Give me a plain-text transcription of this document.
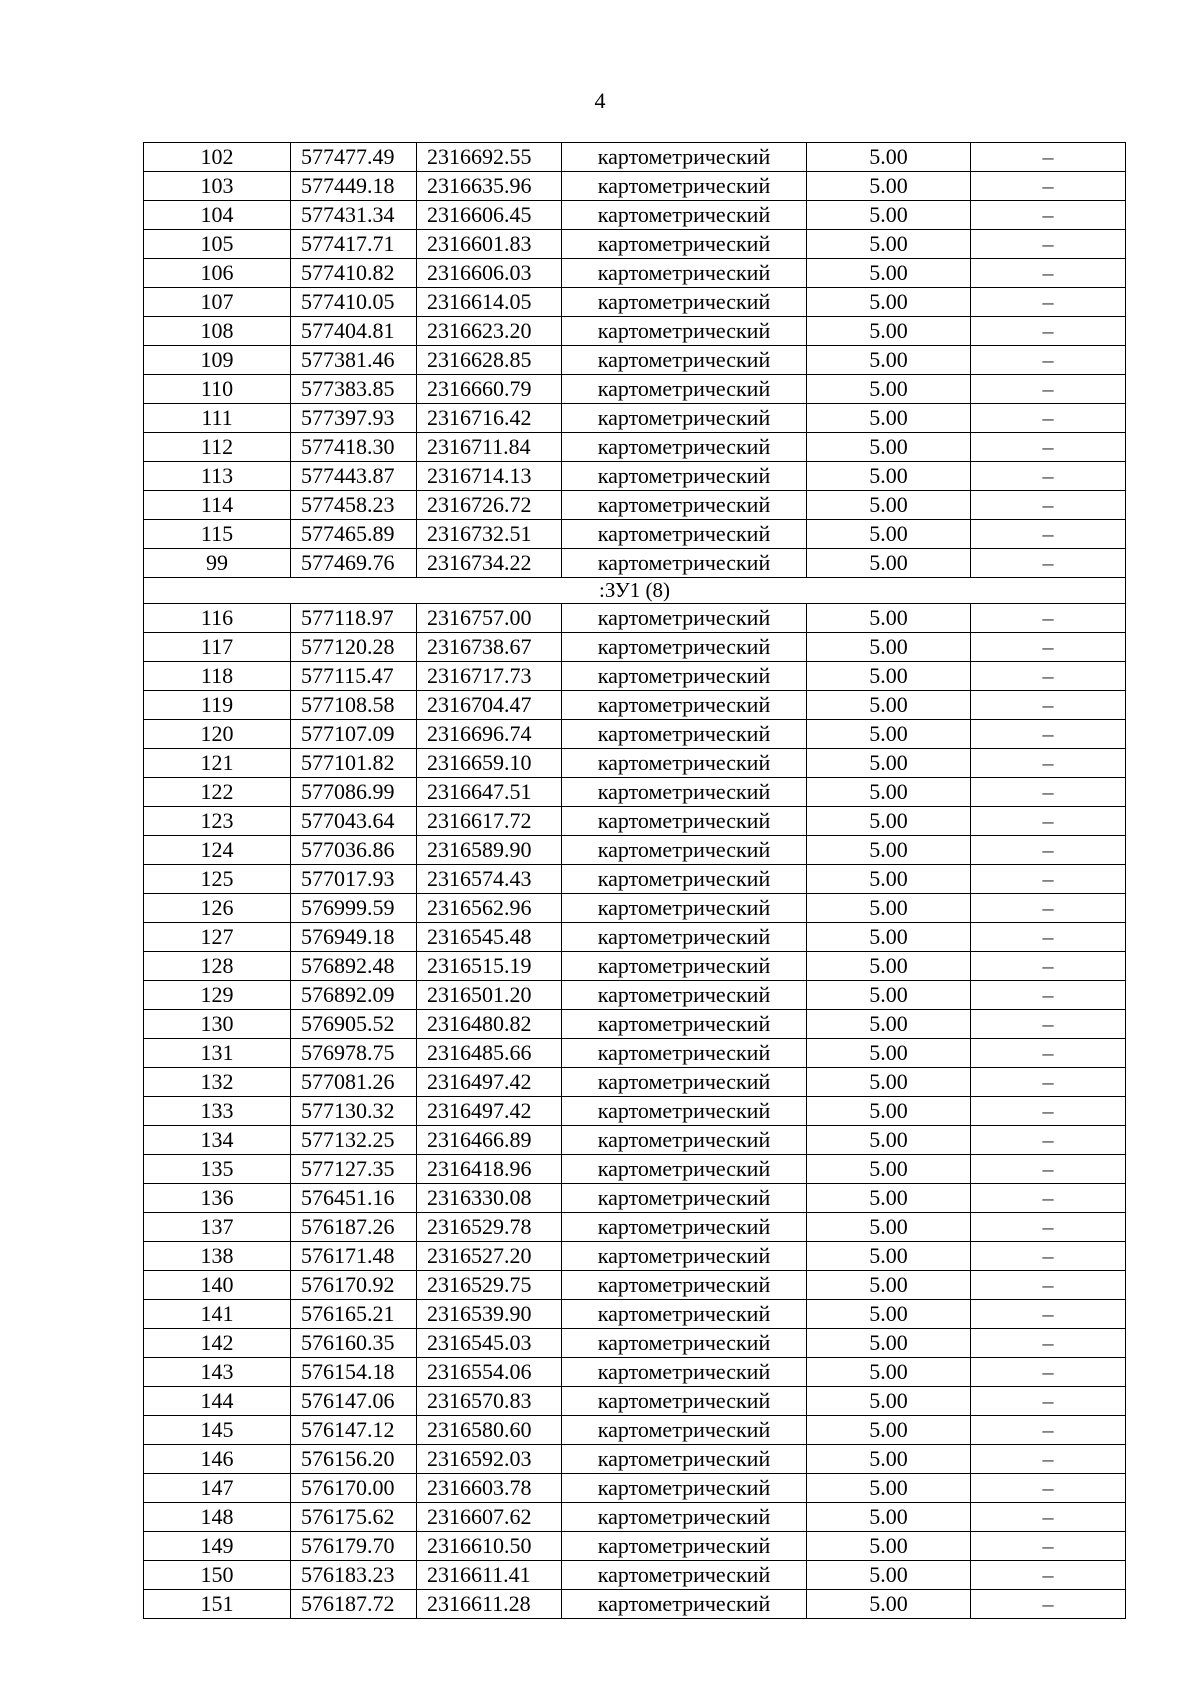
4
102	577477.49	2316692.55	картометрический	5.00	–
103	577449.18	2316635.96	картометрический	5.00	–
104	577431.34	2316606.45	картометрический	5.00	–
105	577417.71	2316601.83	картометрический	5.00	–
106	577410.82	2316606.03	картометрический	5.00	–
107	577410.05	2316614.05	картометрический	5.00	–
108	577404.81	2316623.20	картометрический	5.00	–
109	577381.46	2316628.85	картометрический	5.00	–
110	577383.85	2316660.79	картометрический	5.00	–
111	577397.93	2316716.42	картометрический	5.00	–
112	577418.30	2316711.84	картометрический	5.00	–
113	577443.87	2316714.13	картометрический	5.00	–
114	577458.23	2316726.72	картометрический	5.00	–
115	577465.89	2316732.51	картометрический	5.00	–
99	577469.76	2316734.22	картометрический	5.00	–
:ЗУ1 (8)					
116	577118.97	2316757.00	картометрический	5.00	–
117	577120.28	2316738.67	картометрический	5.00	–
118	577115.47	2316717.73	картометрический	5.00	–
119	577108.58	2316704.47	картометрический	5.00	–
120	577107.09	2316696.74	картометрический	5.00	–
121	577101.82	2316659.10	картометрический	5.00	–
122	577086.99	2316647.51	картометрический	5.00	–
123	577043.64	2316617.72	картометрический	5.00	–
124	577036.86	2316589.90	картометрический	5.00	–
125	577017.93	2316574.43	картометрический	5.00	–
126	576999.59	2316562.96	картометрический	5.00	–
127	576949.18	2316545.48	картометрический	5.00	–
128	576892.48	2316515.19	картометрический	5.00	–
129	576892.09	2316501.20	картометрический	5.00	–
130	576905.52	2316480.82	картометрический	5.00	–
131	576978.75	2316485.66	картометрический	5.00	–
132	577081.26	2316497.42	картометрический	5.00	–
133	577130.32	2316497.42	картометрический	5.00	–
134	577132.25	2316466.89	картометрический	5.00	–
135	577127.35	2316418.96	картометрический	5.00	–
136	576451.16	2316330.08	картометрический	5.00	–
137	576187.26	2316529.78	картометрический	5.00	–
138	576171.48	2316527.20	картометрический	5.00	–
140	576170.92	2316529.75	картометрический	5.00	–
141	576165.21	2316539.90	картометрический	5.00	–
142	576160.35	2316545.03	картометрический	5.00	–
143	576154.18	2316554.06	картометрический	5.00	–
144	576147.06	2316570.83	картометрический	5.00	–
145	576147.12	2316580.60	картометрический	5.00	–
146	576156.20	2316592.03	картометрический	5.00	–
147	576170.00	2316603.78	картометрический	5.00	–
148	576175.62	2316607.62	картометрический	5.00	–
149	576179.70	2316610.50	картометрический	5.00	–
150	576183.23	2316611.41	картометрический	5.00	–
151	576187.72	2316611.28	картометрический	5.00	–
